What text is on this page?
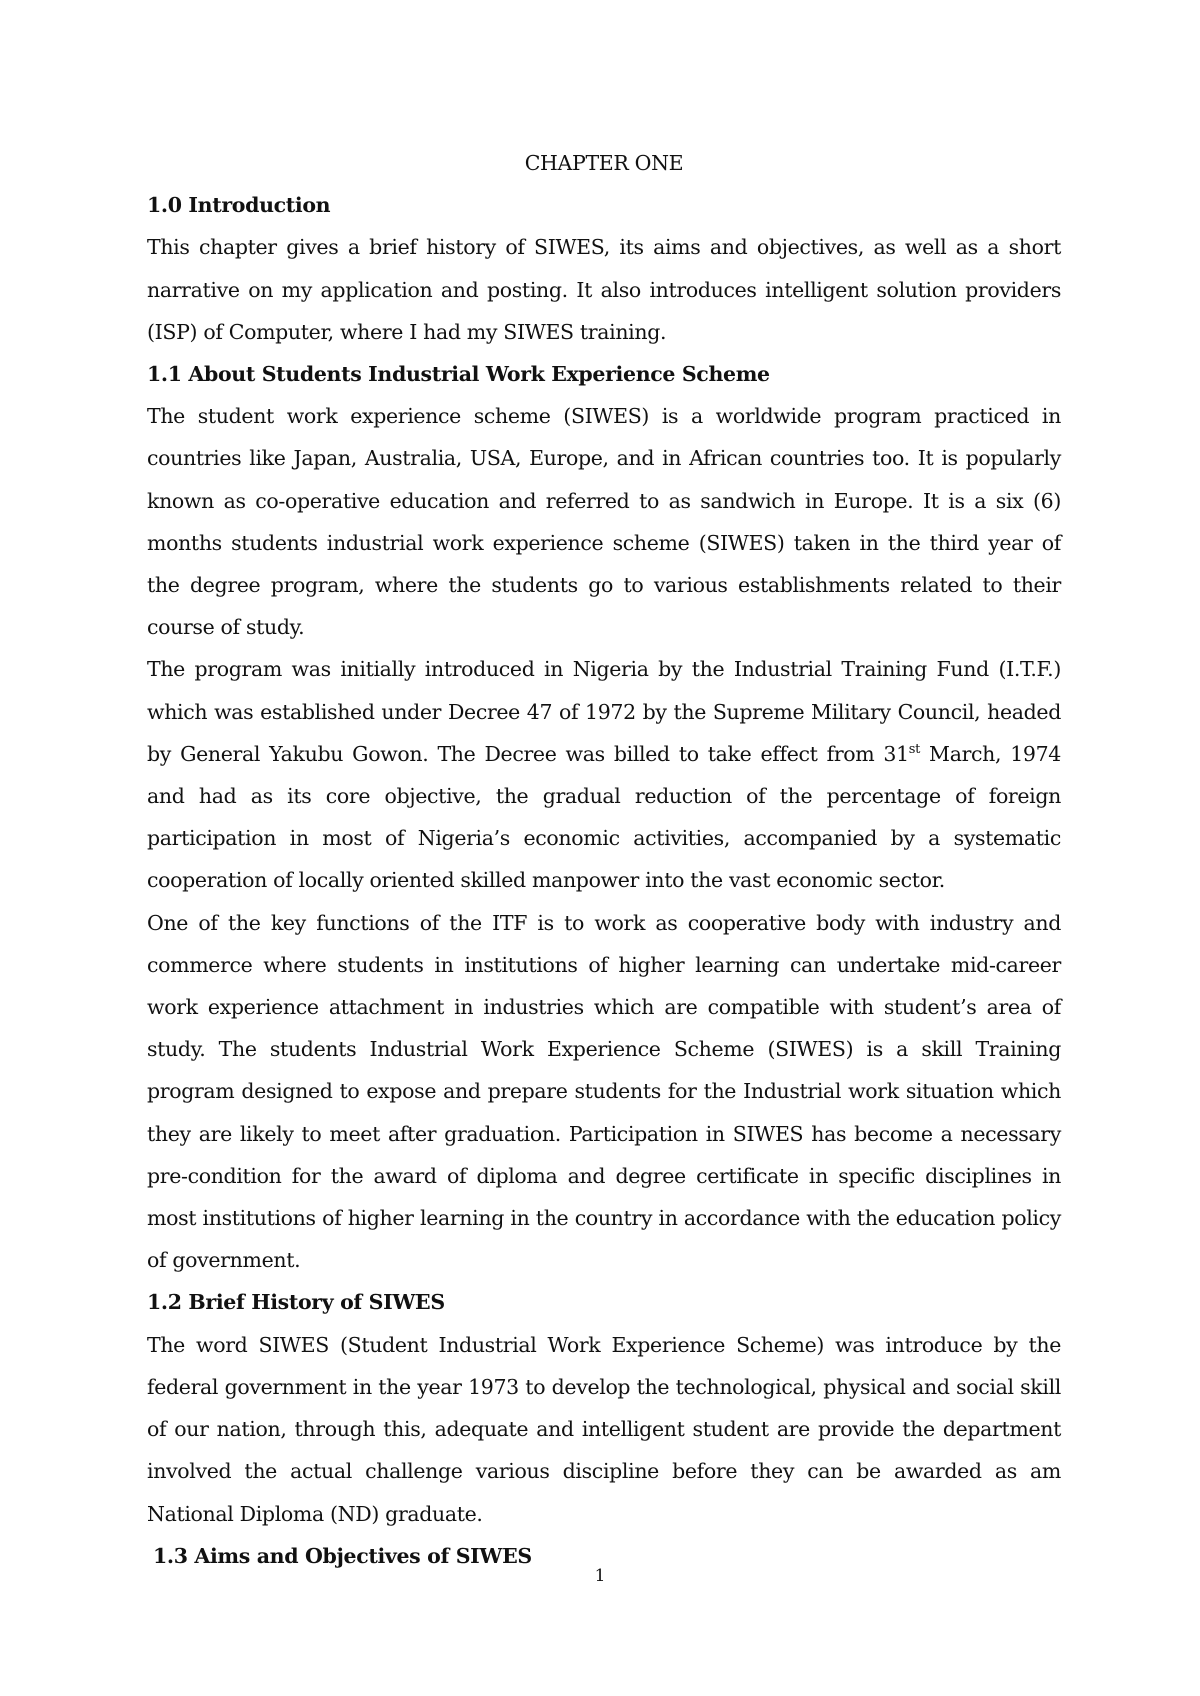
CHAPTER ONE
1.0 Introduction

This chapter gives a brief history of SIWES, its aims and objectives, as well as a short narrative on my application and posting. It also introduces intelligent solution providers (ISP) of Computer, where I had my SIWES training.

1.1 About Students Industrial Work Experience Scheme

The student work experience scheme (SIWES) is a worldwide program practiced in countries like Japan, Australia, USA, Europe, and in African countries too. It is popularly known as co-operative education and referred to as sandwich in Europe. It is a six (6) months students industrial work experience scheme (SIWES) taken in the third year of the degree program, where the students go to various establishments related to their course of study.

The program was initially introduced in Nigeria by the Industrial Training Fund (I.T.F.) which was established under Decree 47 of 1972 by the Supreme Military Council, headed by General Yakubu Gowon. The Decree was billed to take effect from 31st March, 1974 and had as its core objective, the gradual reduction of the percentage of foreign participation in most of Nigeria’s economic activities, accompanied by a systematic cooperation of locally oriented skilled manpower into the vast economic sector.

One of the key functions of the ITF is to work as cooperative body with industry and commerce where students in institutions of higher learning can undertake mid-career work experience attachment in industries which are compatible with student’s area of study. The students Industrial Work Experience Scheme (SIWES) is a skill Training program designed to expose and prepare students for the Industrial work situation which they are likely to meet after graduation. Participation in SIWES has become a necessary pre-condition for the award of diploma and degree certificate in specific disciplines in most institutions of higher learning in the country in accordance with the education policy of government.

1.2 Brief History of SIWES

The word SIWES (Student Industrial Work Experience Scheme) was introduce by the federal government in the year 1973 to develop the technological, physical and social skill of our nation, through this, adequate and intelligent student are provide the department involved the actual challenge various discipline before they can be awarded as am National Diploma (ND) graduate.

1.3 Aims and Objectives of SIWES
1
